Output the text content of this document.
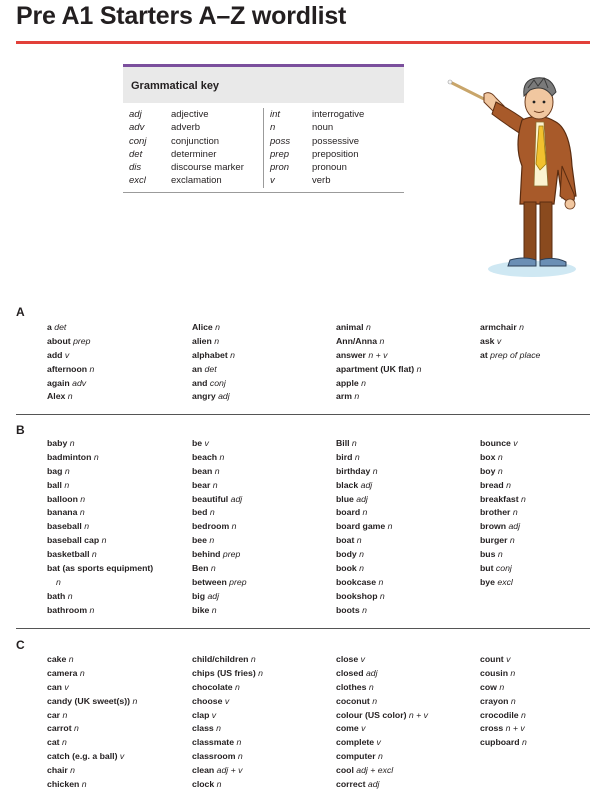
Pre A1 Starters A–Z wordlist
Grammatical key
adj	adjective
adv	adverb
conj	conjunction
det	determiner
dis	discourse marker
excl	exclamation
int	interrogative
n	noun
poss	possessive
prep	preposition
pron	pronoun
v	verb
A
a det
about prep
add v
afternoon n
again adv
Alex n
Alice n
alien n
alphabet n
an det
and conj
angry adj
animal n
Ann/Anna n
answer n + v
apartment (UK flat) n
apple n
arm n
armchair n
ask v
at prep of place
B
baby n
badminton n
bag n
ball n
balloon n
banana n
baseball n
baseball cap n
basketball n
bat (as sports equipment)
n
bath n
bathroom n
be v
beach n
bean n
bear n
beautiful adj
bed n
bedroom n
bee n
behind prep
Ben n
between prep
big adj
bike n
Bill n
bird n
birthday n
black adj
blue adj
board n
board game n
boat n
body n
book n
bookcase n
bookshop n
boots n
bounce v
box n
boy n
bread n
breakfast n
brother n
brown adj
burger n
bus n
but conj
bye excl
C
cake n
camera n
can v
candy (UK sweet(s)) n
car n
carrot n
cat n
catch (e.g. a ball) v
chair n
chicken n
child/children n
chips (US fries) n
chocolate n
choose v
clap v
class n
classmate n
classroom n
clean adj + v
clock n
close v
closed adj
clothes n
coconut n
colour (US color) n + v
come v
complete v
computer n
cool adj + excl
correct adj
count v
cousin n
cow n
crayon n
crocodile n
cross n + v
cupboard n
